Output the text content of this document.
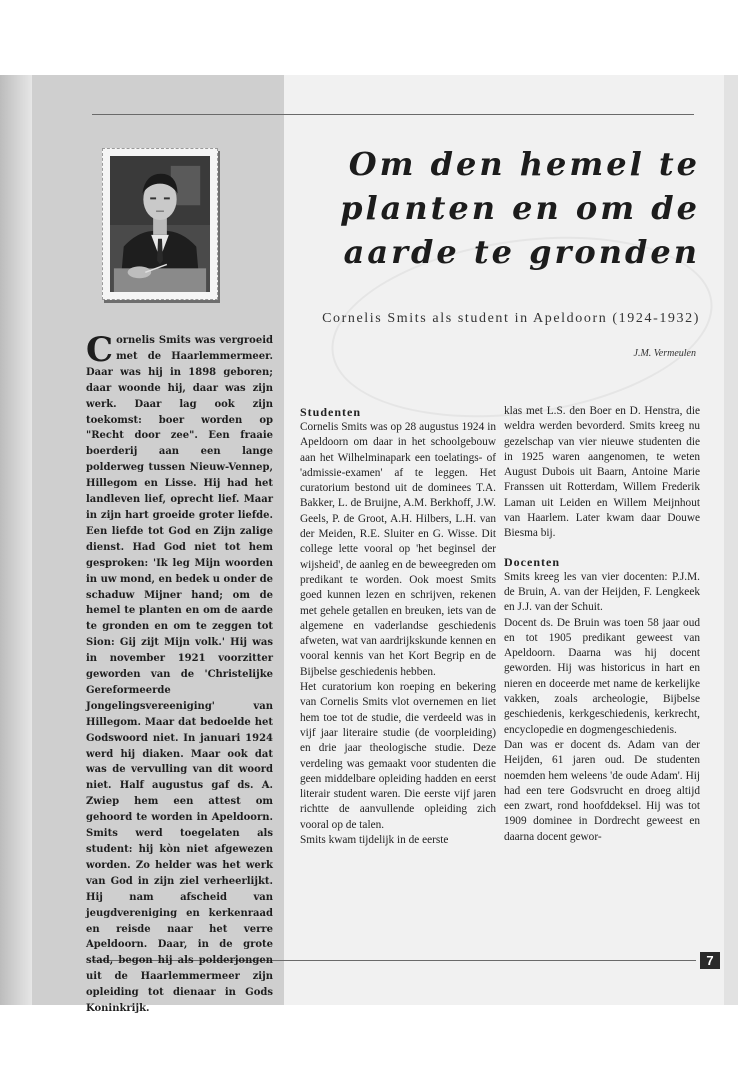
7
Om den hemel te
planten en om de
aarde te gronden
Cornelis Smits als student in Apeldoorn (1924-1932)
J.M. Vermeulen

Cornelis Smits was vergroeid met de Haarlemmermeer. Daar was hij in 1898 geboren; daar woonde hij, daar was zijn werk. Daar lag ook zijn toekomst: boer worden op "Recht door zee". Een fraaie boerderij aan een lange polderweg tussen Nieuw-Vennep, Hillegom en Lisse. Hij had het landleven lief, oprecht lief. Maar in zijn hart groeide groter liefde. Een liefde tot God en Zijn zalige dienst. Had God niet tot hem gesproken: 'Ik leg Mijn woorden in uw mond, en bedek u onder de schaduw Mijner hand; om de hemel te planten en om de aarde te gronden en om te zeggen tot Sion: Gij zijt Mijn volk.' Hij was in november 1921 voorzitter geworden van de 'Christelijke Gereformeerde Jongelingsvereeniging' van Hillegom. Maar dat bedoelde het Godswoord niet. In januari 1924 werd hij diaken. Maar ook dat was de vervulling van dit woord niet. Half augustus gaf ds. A. Zwiep hem een attest om gehoord te worden in Apeldoorn. Smits werd toegelaten als student: hij kòn niet afgewezen worden. Zo helder was het werk van God in zijn ziel verheerlijkt. Hij nam afscheid van jeugdvereniging en kerkenraad en reisde naar het verre Apeldoorn. Daar, in de grote stad, begon hij als polderjongen uit de Haarlemmermeer zijn opleiding tot dienaar in Gods Koninkrijk.

Studenten

Cornelis Smits was op 28 augustus 1924 in Apeldoorn om daar in het schoolgebouw aan het Wilhelminapark een toelatings- of 'admissie-examen' af te leggen. Het curatorium bestond uit de dominees T.A. Bakker, L. de Bruijne, A.M. Berkhoff, J.W. Geels, P. de Groot, A.H. Hilbers, L.H. van der Meiden, R.E. Sluiter en G. Wisse. Dit college lette vooral op 'het beginsel der wijsheid', de aanleg en de beweegreden om predikant te worden. Ook moest Smits goed kunnen lezen en schrijven, rekenen met gehele getallen en breuken, iets van de algemene en vaderlandse geschiedenis afweten, wat van aardrijkskunde kennen en vooral kennis van het Kort Begrip en de Bijbelse geschiedenis hebben.

Het curatorium kon roeping en bekering van Cornelis Smits vlot overnemen en liet hem toe tot de studie, die verdeeld was in vijf jaar literaire studie (de voorpleiding) en drie jaar theologische studie. Deze verdeling was gemaakt voor studenten die geen middelbare opleiding hadden en eerst literair student waren. Die eerste vijf jaren richtte de aanvullende opleiding zich vooral op de talen.

Smits kwam tijdelijk in de eerste

klas met L.S. den Boer en D. Henstra, die weldra werden bevorderd. Smits kreeg nu gezelschap van vier nieuwe studenten die in 1925 waren aangenomen, te weten August Dubois uit Baarn, Antoine Marie Franssen uit Rotterdam, Willem Frederik Laman uit Leiden en Willem Meijnhout van Haarlem. Later kwam daar Douwe Biesma bij.

Docenten

Smits kreeg les van vier docenten: P.J.M. de Bruin, A. van der Heijden, F. Lengkeek en J.J. van der Schuit.

Docent ds. De Bruin was toen 58 jaar oud en tot 1905 predikant geweest van Apeldoorn. Daarna was hij docent geworden. Hij was historicus in hart en nieren en doceerde met name de kerkelijke vakken, zoals archeologie, Bijbelse geschiedenis, kerkgeschiedenis, kerkrecht, encyclopedie en dogmengeschiedenis.

Dan was er docent ds. Adam van der Heijden, 61 jaren oud. De studenten noemden hem weleens 'de oude Adam'. Hij had een tere Godsvrucht en droeg altijd een zwart, rond hoofddeksel. Hij was tot 1909 dominee in Dordrecht geweest en daarna docent gewor-
